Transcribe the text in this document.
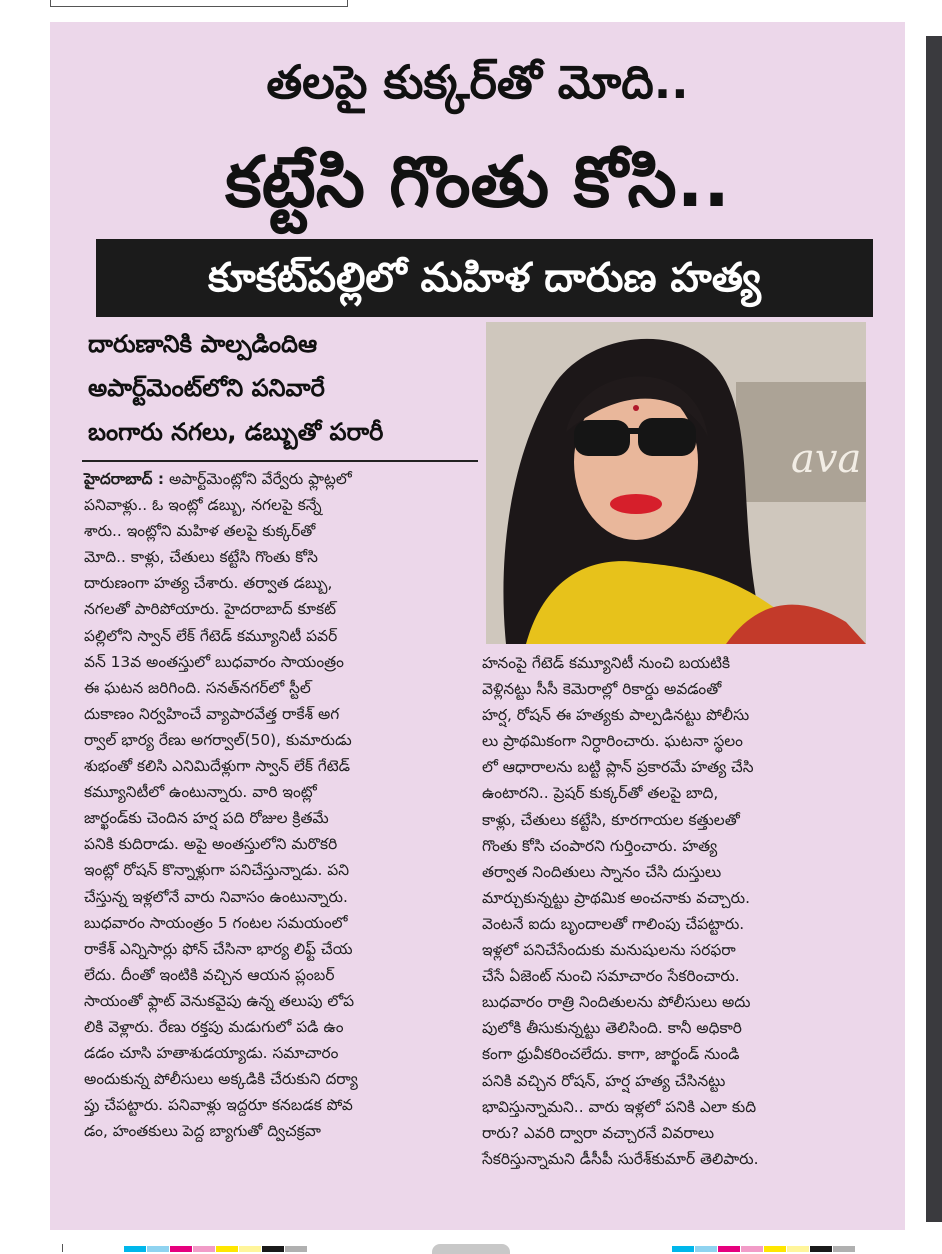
తలపై కుక్కర్‌తో మోది..
కట్టేసి గొంతు కోసి..
కూకట్‌పల్లిలో మహిళ దారుణ హత్య
దారుణానికి పాల్పడిందిఆ
అపార్ట్‌మెంట్‌లోని పనివారే
బంగారు నగలు, డబ్బుతో పరారీ
ava

హైదరాబాద్ : అపార్ట్‌మెంట్లోని వేర్వేరు ఫ్లాట్లలో

పనివాళ్లు.. ఓ ఇంట్లో డబ్బు, నగలపై కన్నే

శారు.. ఇంట్లోని మహిళ తలపై కుక్కర్‌తో

మోది.. కాళ్లు, చేతులు కట్టేసి గొంతు కోసి

దారుణంగా హత్య చేశారు. తర్వాత డబ్బు,

నగలతో పారిపోయారు. హైదరాబాద్ కూకట్

పల్లిలోని స్వాన్ లేక్ గేటెడ్ కమ్యూనిటీ పవర్

వన్ 13వ అంతస్తులో బుధవారం సాయంత్రం

ఈ ఘటన జరిగింది. సనత్‌నగర్‌లో స్టీల్

దుకాణం నిర్వహించే వ్యాపారవేత్త రాకేశ్ అగ

ర్వాల్ భార్య రేణు అగర్వాల్(50), కుమారుడు

శుభంతో కలిసి ఎనిమిదేళ్లుగా స్వాన్ లేక్ గేటెడ్

కమ్యూనిటీలో ఉంటున్నారు. వారి ఇంట్లో

జార్ఖండ్‌కు చెందిన హర్ష పది రోజుల క్రితమే

పనికి కుదిరాడు. అపై అంతస్తులోని మరొకరి

ఇంట్లో రోషన్ కొన్నాళ్లుగా పనిచేస్తున్నాడు. పని

చేస్తున్న ఇళ్లలోనే వారు నివాసం ఉంటున్నారు.

బుధవారం సాయంత్రం 5 గంటల సమయంలో

రాకేశ్ ఎన్నిసార్లు ఫోన్ చేసినా భార్య లిఫ్ట్ చేయ

లేదు. దీంతో ఇంటికి వచ్చిన ఆయన ప్లంబర్

సాయంతో ఫ్లాట్ వెనుకవైపు ఉన్న తలుపు లోప

లికి వెళ్లారు. రేణు రక్తపు మడుగులో పడి ఉం

డడం చూసి హతాశుడయ్యాడు. సమాచారం

అందుకున్న పోలీసులు అక్కడికి చేరుకుని దర్యా

ప్తు చేపట్టారు. పనివాళ్లు ఇద్దరూ కనబడక పోవ

డం, హంతకులు పెద్ద బ్యాగుతో ద్విచక్రవా

హనంపై గేటెడ్ కమ్యూనిటీ నుంచి బయటికి

వెళ్లినట్టు సీసీ కెమెరాల్లో రికార్డు అవడంతో

హర్ష, రోషన్ ఈ హత్యకు పాల్పడినట్టు పోలీసు

లు ప్రాథమికంగా నిర్ధారించారు. ఘటనా స్థలం

లో ఆధారాలను బట్టి ప్లాన్ ప్రకారమే హత్య చేసి

ఉంటారని.. ప్రెషర్ కుక్కర్‌తో తలపై బాది,

కాళ్లు, చేతులు కట్టేసి, కూరగాయల కత్తులతో

గొంతు కోసి చంపారని గుర్తించారు. హత్య

తర్వాత నిందితులు స్నానం చేసి దుస్తులు

మార్చుకున్నట్టు ప్రాథమిక అంచనాకు వచ్చారు.

వెంటనే ఐదు బృందాలతో గాలింపు చేపట్టారు.

ఇళ్లలో పనిచేసేందుకు మనుషులను సరఫరా

చేసే ఏజెంట్ నుంచి సమాచారం సేకరించారు.

బుధవారం రాత్రి నిందితులను పోలీసులు అదు

పులోకి తీసుకున్నట్టు తెలిసింది. కానీ అధికారి

కంగా ధ్రువీకరించలేదు. కాగా, జార్ఖండ్ నుండి

పనికి వచ్చిన రోషన్, హర్ష హత్య చేసినట్టు

భావిస్తున్నామని.. వారు ఇళ్లలో పనికి ఎలా కుది

రారు? ఎవరి ద్వారా వచ్చారనే వివరాలు

సేకరిస్తున్నామని డీసీపీ సురేశ్‌కుమార్ తెలిపారు.
